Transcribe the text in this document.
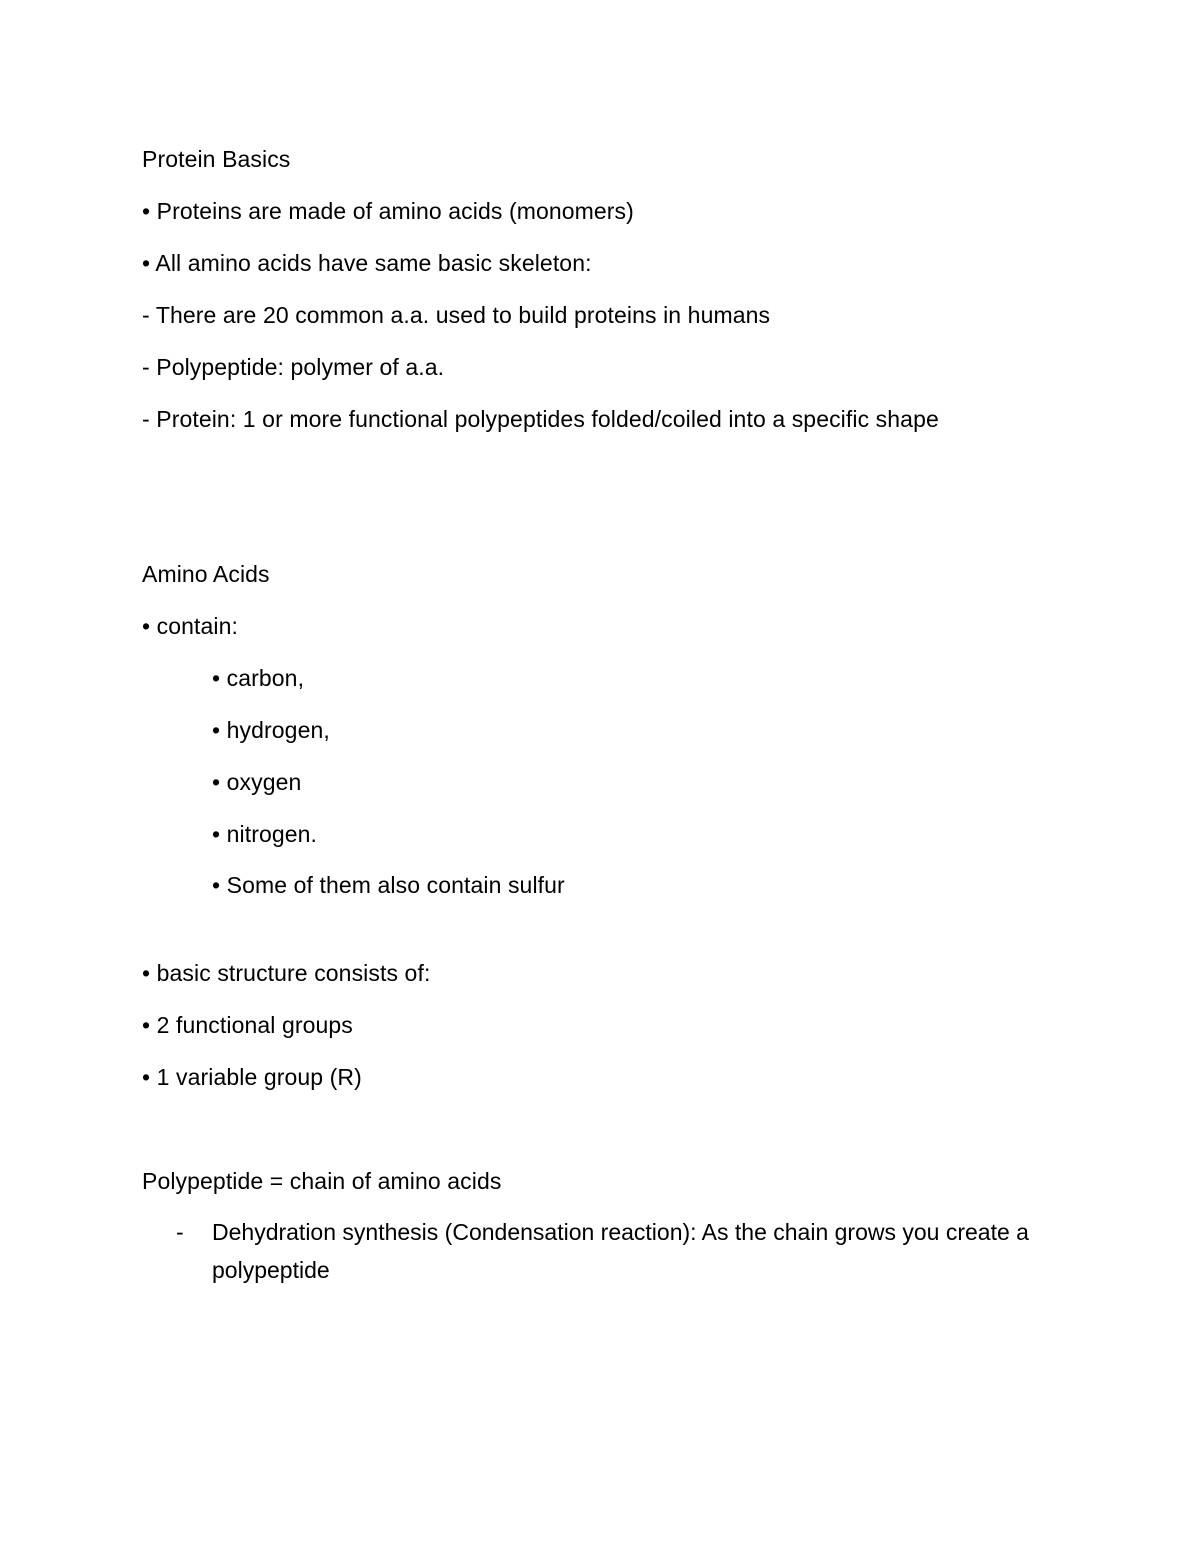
Protein Basics
• Proteins are made of amino acids (monomers)
• All amino acids have same basic skeleton:
- There are 20 common a.a. used to build proteins in humans
- Polypeptide: polymer of a.a.
- Protein: 1 or more functional polypeptides folded/coiled into a specific shape
Amino Acids
• contain:
• carbon,
• hydrogen,
• oxygen
• nitrogen.
• Some of them also contain sulfur
• basic structure consists of:
• 2 functional groups
• 1 variable group (R)
Polypeptide = chain of amino acids
- Dehydration synthesis (Condensation reaction): As the chain grows you create a polypeptide
